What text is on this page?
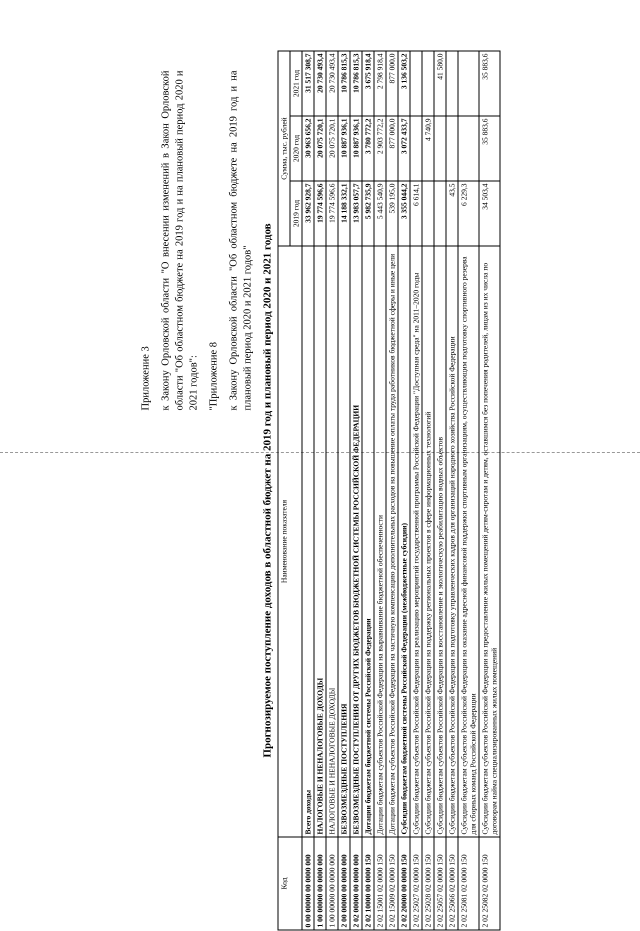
Приложение 3 к Закону Орловской области "О внесении изменений в Закон Орловской области "Об областном бюджете на 2019 год и на плановый период 2020 и 2021 годов": "Приложение 8 к Закону Орловской области "Об областном бюджете на 2019 год и на плановый период 2020 и 2021 годов" Прогнозируемое поступление доходов в областной бюджет на 2019 год и плановый период 2020 и 2021 годов
Код	Наименование показателя	Сумма, тыс. рублей		
		2019 год	2020 год	2021 год
0 00 00000 00 0000 000	Всего доходы	33 962 928,7	30 963 656,2	31 517 308,7
1 00 00000 00 0000 000	НАЛОГОВЫЕ И НЕНАЛОГОВЫЕ ДОХОДЫ	19 774 596,6	20 075 720,1	20 730 493,4
1 00 00000 00 0000 000	НАЛОГОВЫЕ И НЕНАЛОГОВЫЕ ДОХОДЫ	19 774 596,6	20 075 720,1	20 730 493,4
2 00 00000 00 0000 000	БЕЗВОЗМЕЗДНЫЕ ПОСТУПЛЕНИЯ	14 188 332,1	10 887 936,1	10 786 815,3
2 02 00000 00 0000 000	БЕЗВОЗМЕЗДНЫЕ ПОСТУПЛЕНИЯ ОТ ДРУГИХ БЮДЖЕТОВ БЮДЖЕТНОЙ СИСТЕМЫ РОССИЙСКОЙ ФЕДЕРАЦИИ	13 983 057,7	10 887 936,1	10 786 815,3
2 02 10000 00 0000 150	Дотации бюджетам бюджетной системы Российской Федерации	5 982 735,9	3 780 772,2	3 675 918,4
2 02 15001 02 0000 150	Дотации бюджетам субъектов Российской Федерации на выравнивание бюджетной обеспеченности	5 443 540,9	2 903 772,2	2 798 918,4
2 02 15009 02 0000 150	Дотации бюджетам субъектов Российской Федерации на частичную компенсацию дополнительных расходов на повышение оплаты труда работников бюджетной сферы и иные цели	539 195,0	877 000,0	877 000,0
2 02 20000 00 0000 150	Субсидии бюджетам бюджетной системы Российской Федерации (межбюджетные субсидии)	3 355 044,2	3 072 433,7	3 136 503,2
2 02 25027 02 0000 150	Субсидии бюджетам субъектов Российской Федерации на реализацию мероприятий государственной программы Российской Федерации "Доступная среда" на 2011–2020 годы	6 614,1		
2 02 25028 02 0000 150	Субсидии бюджетам субъектов Российской Федерации на поддержку региональных проектов в сфере информационных технологий		4 740,9	
2 02 25057 02 0000 150	Субсидии бюджетам субъектов Российской Федерации на восстановление и экологическую реабилитацию водных объектов			41 580,0
2 02 25066 02 0000 150	Субсидии бюджетам субъектов Российской Федерации на подготовку управленческих кадров для организаций народного хозяйства Российской Федерации	43,5		
2 02 25081 02 0000 150	Субсидии бюджетам субъектов Российской Федерации на оказание адресной финансовой поддержки спортивным организациям, осуществляющим подготовку спортивного резерва для сборных команд Российской Федерации	6 229,3		
2 02 25082 02 0000 150	Субсидии бюджетам субъектов Российской Федерации на предоставление жилых помещений детям-сиротам и детям, оставшимся без попечения родителей, лицам из их числа по договорам найма специализированных жилых помещений	34 503,4	35 883,6	35 883,6
